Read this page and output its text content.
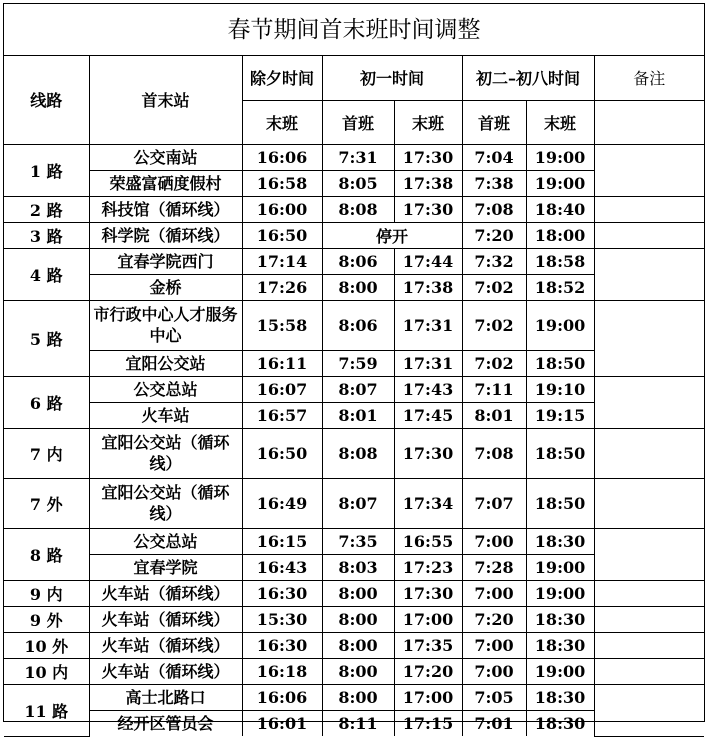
春节期间首末班时间调整
线路	首末站	除夕时间	初一时间		初二–初八时间		备注
		末班	首班	末班	首班	末班	
1 路	公交南站	16:06	7:31	17:30	7:04	19:00	
	荣盛富硒度假村	16:58	8:05	17:38	7:38	19:00	
2 路	科技馆（循环线）	16:00	8:08	17:30	7:08	18:40	
3 路	科学院（循环线）	16:50	停开		7:20	18:00	
4 路	宜春学院西门	17:14	8:06	17:44	7:32	18:58	
	金桥	17:26	8:00	17:38	7:02	18:52	
5 路	市行政中心人才服务中心	15:58	8:06	17:31	7:02	19:00	
	宜阳公交站	16:11	7:59	17:31	7:02	18:50	
6 路	公交总站	16:07	8:07	17:43	7:11	19:10	
	火车站	16:57	8:01	17:45	8:01	19:15	
7 内	宜阳公交站（循环线）	16:50	8:08	17:30	7:08	18:50	
7 外	宜阳公交站（循环线）	16:49	8:07	17:34	7:07	18:50	
8 路	公交总站	16:15	7:35	16:55	7:00	18:30	
	宜春学院	16:43	8:03	17:23	7:28	19:00	
9 内	火车站（循环线）	16:30	8:00	17:30	7:00	19:00	
9 外	火车站（循环线）	15:30	8:00	17:00	7:20	18:30	
10 外	火车站（循环线）	16:30	8:00	17:35	7:00	18:30	
10 内	火车站（循环线）	16:18	8:00	17:20	7:00	19:00	
11 路	高士北路口	16:06	8:00	17:00	7:05	18:30	
	经开区管员会	16:01	8:11	17:15	7:01	18:30	
